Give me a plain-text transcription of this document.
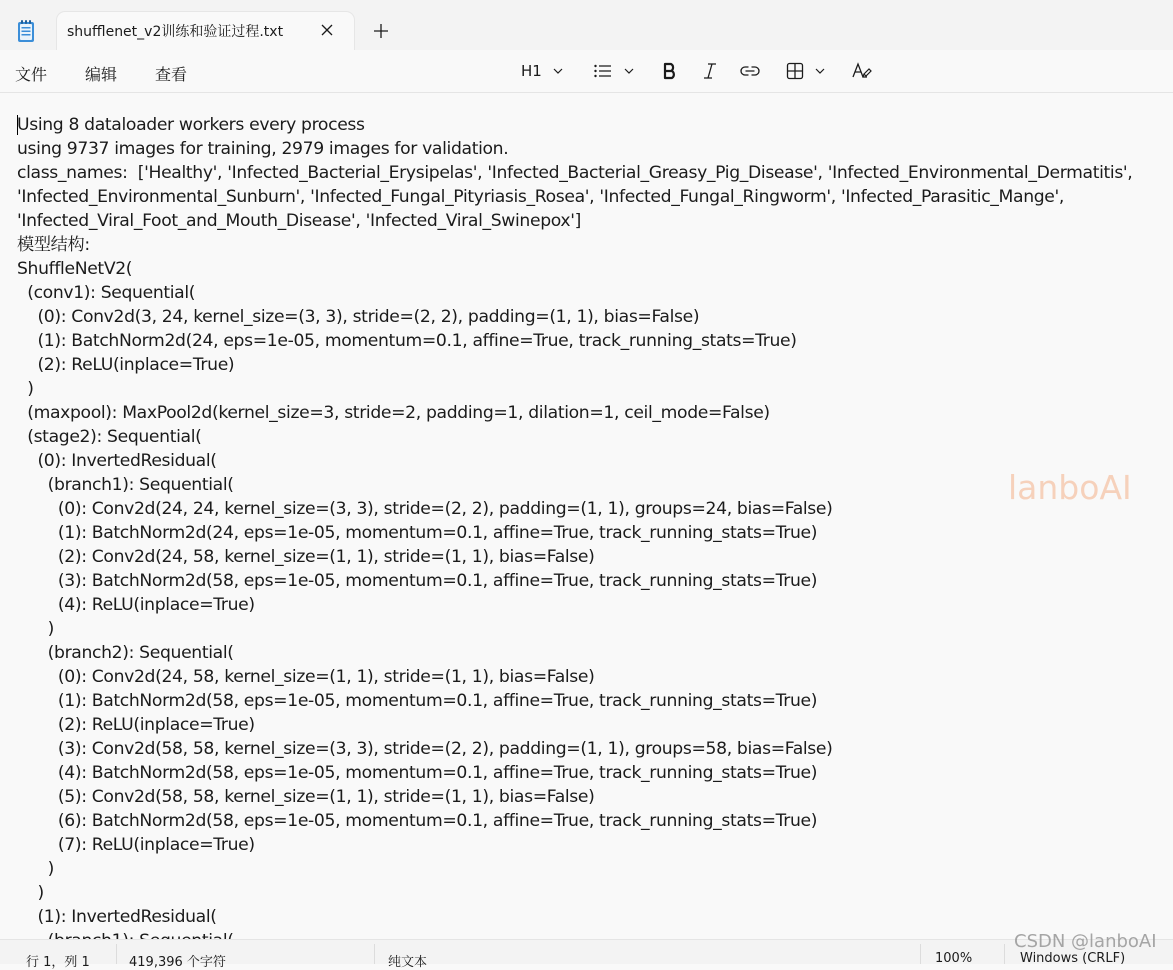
shufflenet_v2训练和验证过程.txt
文件 编辑 查看	H1
Using 8 dataloader workers every process
using 9737 images for training, 2979 images for validation.
class_names:  ['Healthy', 'Infected_Bacterial_Erysipelas', 'Infected_Bacterial_Greasy_Pig_Disease', 'Infected_Environmental_Dermatitis',
'Infected_Environmental_Sunburn', 'Infected_Fungal_Pityriasis_Rosea', 'Infected_Fungal_Ringworm', 'Infected_Parasitic_Mange',
'Infected_Viral_Foot_and_Mouth_Disease', 'Infected_Viral_Swinepox']
模型结构:
ShuffleNetV2(
(conv1): Sequential(
(0): Conv2d(3, 24, kernel_size=(3, 3), stride=(2, 2), padding=(1, 1), bias=False)
(1): BatchNorm2d(24, eps=1e-05, momentum=0.1, affine=True, track_running_stats=True)
(2): ReLU(inplace=True)
)
(maxpool): MaxPool2d(kernel_size=3, stride=2, padding=1, dilation=1, ceil_mode=False)
(stage2): Sequential(
(0): InvertedResidual(
(branch1): Sequential(
(0): Conv2d(24, 24, kernel_size=(3, 3), stride=(2, 2), padding=(1, 1), groups=24, bias=False)
(1): BatchNorm2d(24, eps=1e-05, momentum=0.1, affine=True, track_running_stats=True)
(2): Conv2d(24, 58, kernel_size=(1, 1), stride=(1, 1), bias=False)
(3): BatchNorm2d(58, eps=1e-05, momentum=0.1, affine=True, track_running_stats=True)
(4): ReLU(inplace=True)
)
(branch2): Sequential(
(0): Conv2d(24, 58, kernel_size=(1, 1), stride=(1, 1), bias=False)
(1): BatchNorm2d(58, eps=1e-05, momentum=0.1, affine=True, track_running_stats=True)
(2): ReLU(inplace=True)
(3): Conv2d(58, 58, kernel_size=(3, 3), stride=(2, 2), padding=(1, 1), groups=58, bias=False)
(4): BatchNorm2d(58, eps=1e-05, momentum=0.1, affine=True, track_running_stats=True)
(5): Conv2d(58, 58, kernel_size=(1, 1), stride=(1, 1), bias=False)
(6): BatchNorm2d(58, eps=1e-05, momentum=0.1, affine=True, track_running_stats=True)
(7): ReLU(inplace=True)
)
)
(1): InvertedResidual(
lanboAI
行 1，列 1	419,396 个字符	纯文本	100%	Windows (CRLF)
CSDN @lanboAI
